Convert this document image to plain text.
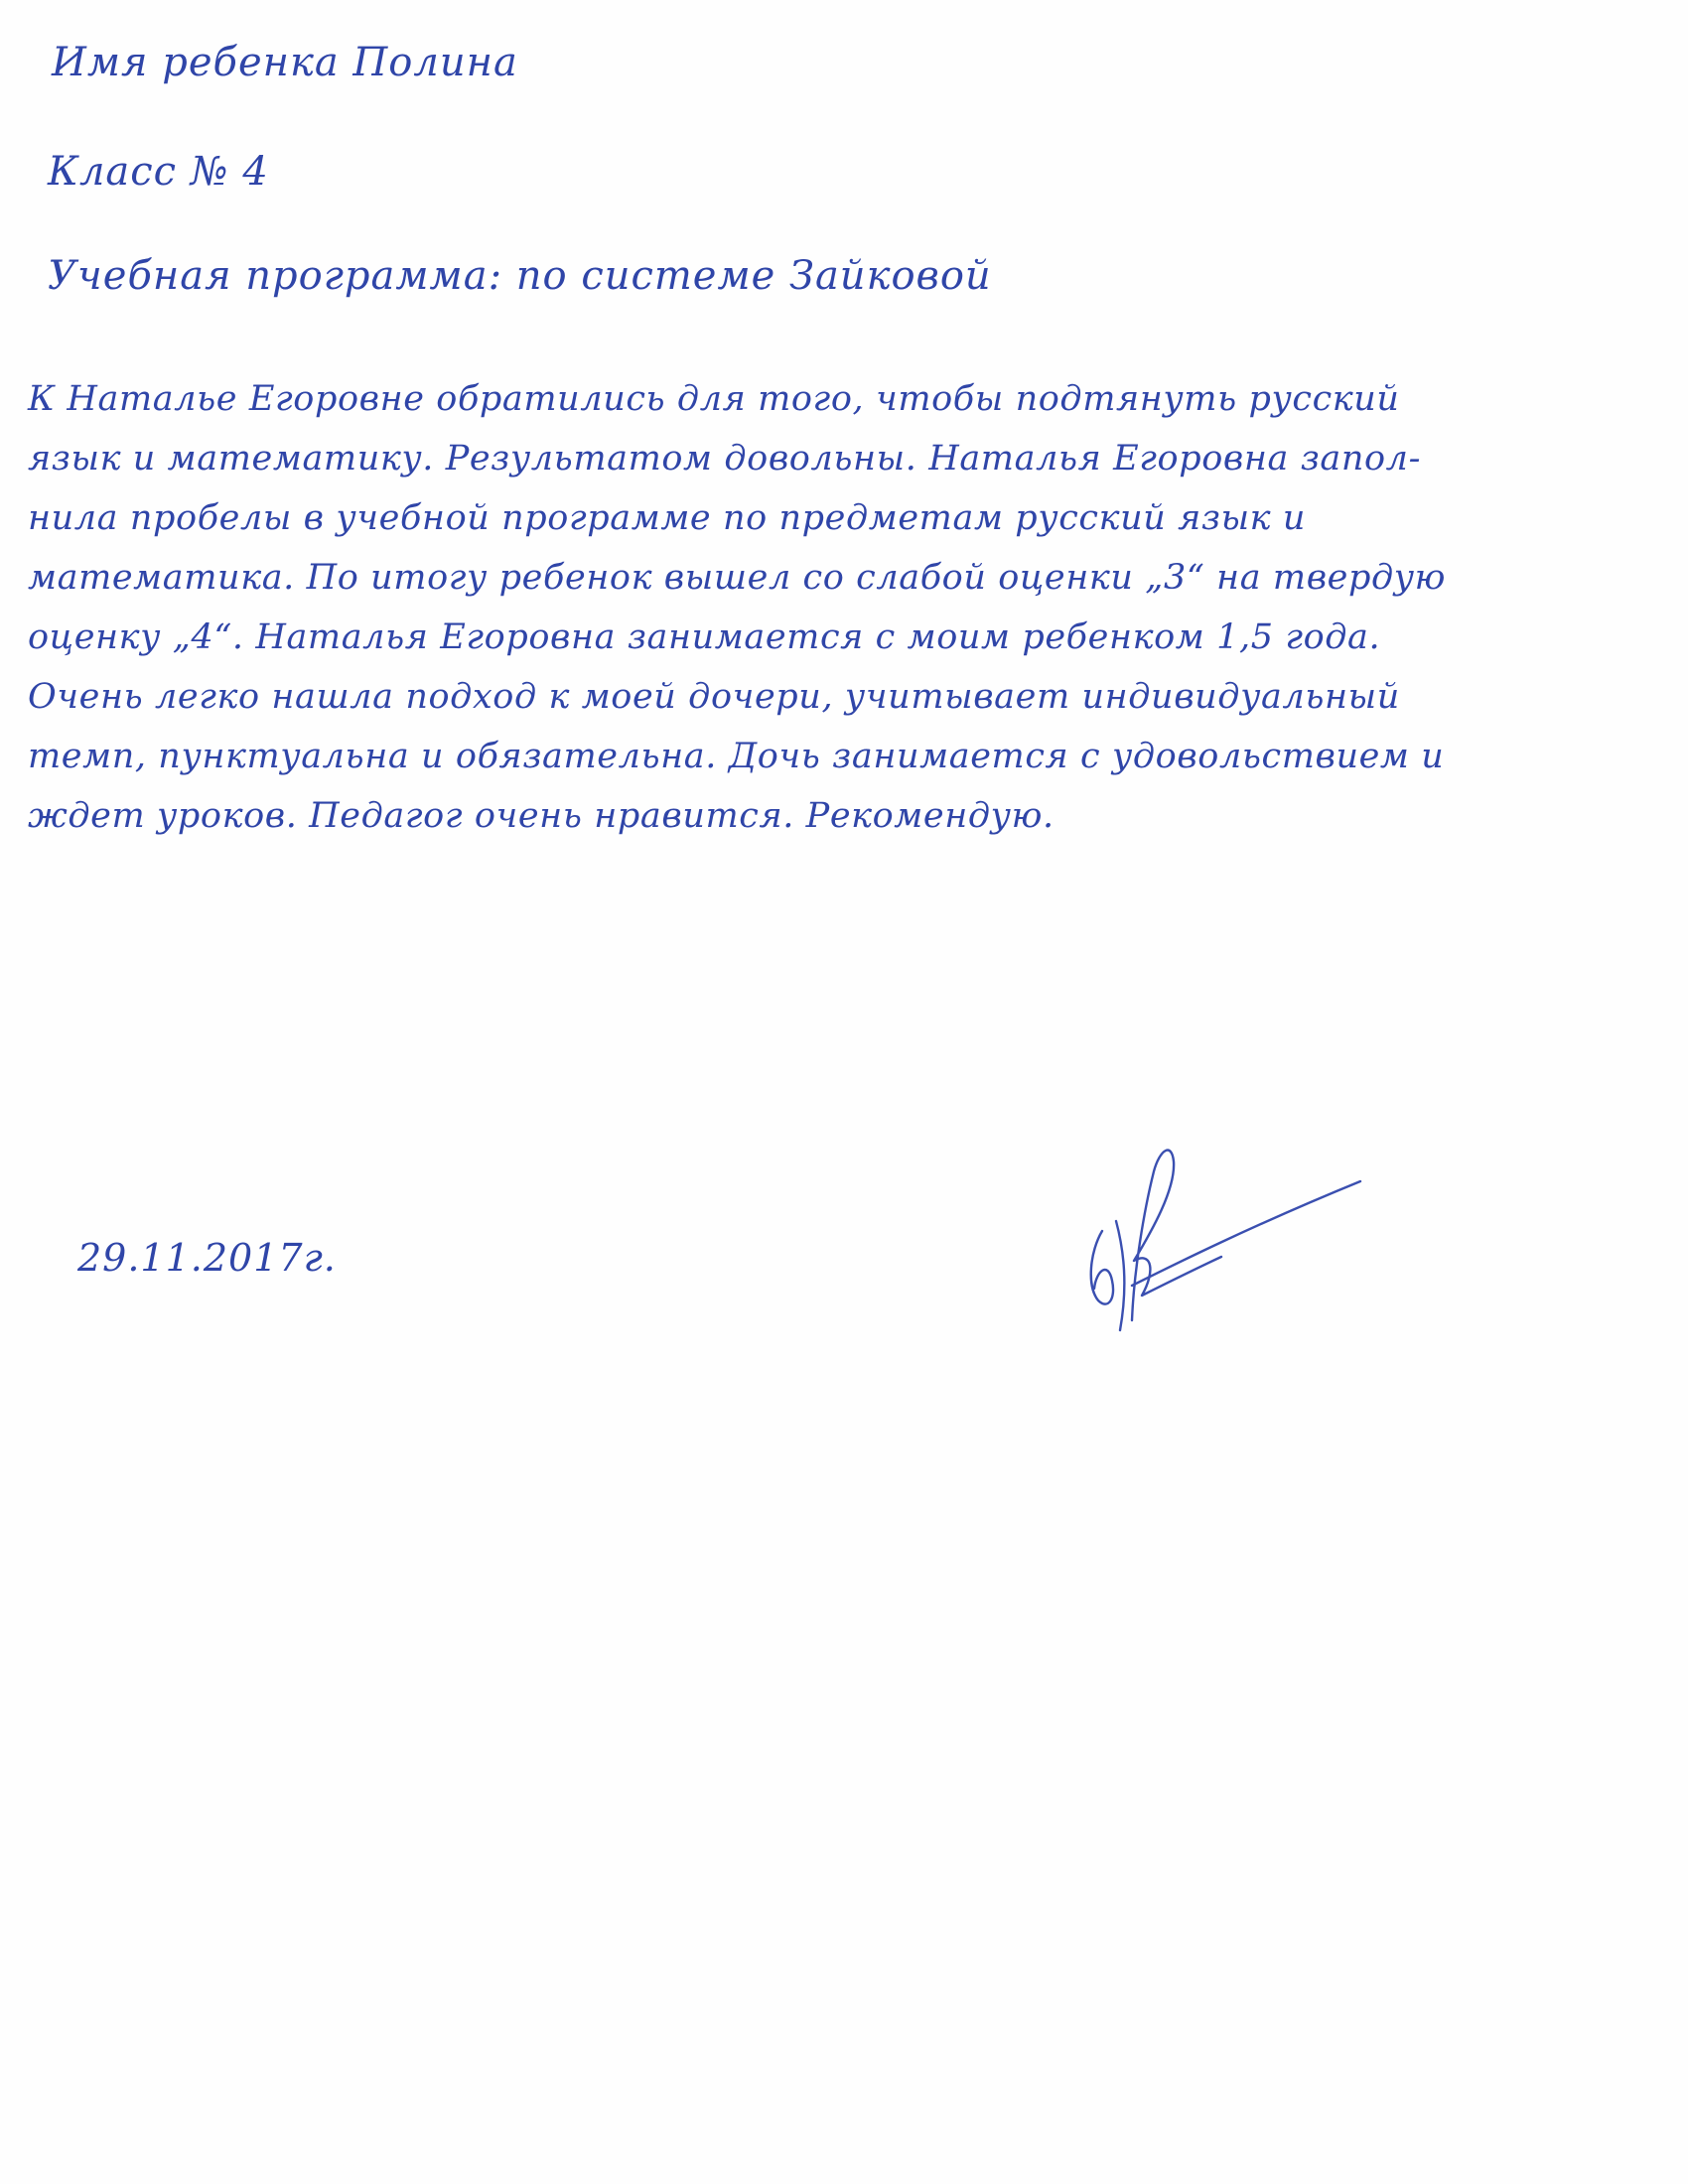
Имя ребенка Полина
Класс № 4
Учебная программа: по системе Зайковой
К Наталье Егоровне обратились для того, чтобы подтянуть русский
язык и математику. Результатом довольны. Наталья Егоровна запол-
нила пробелы в учебной программе по предметам русский язык и
математика. По итогу ребенок вышел со слабой оценки „3“ на твердую
оценку „4“. Наталья Егоровна занимается с моим ребенком 1,5 года.
Очень легко нашла подход к моей дочери, учитывает индивидуальный
темп, пунктуальна и обязательна. Дочь занимается с удовольствием и
ждет уроков. Педагог очень нравится. Рекомендую.
29.11.2017г.
